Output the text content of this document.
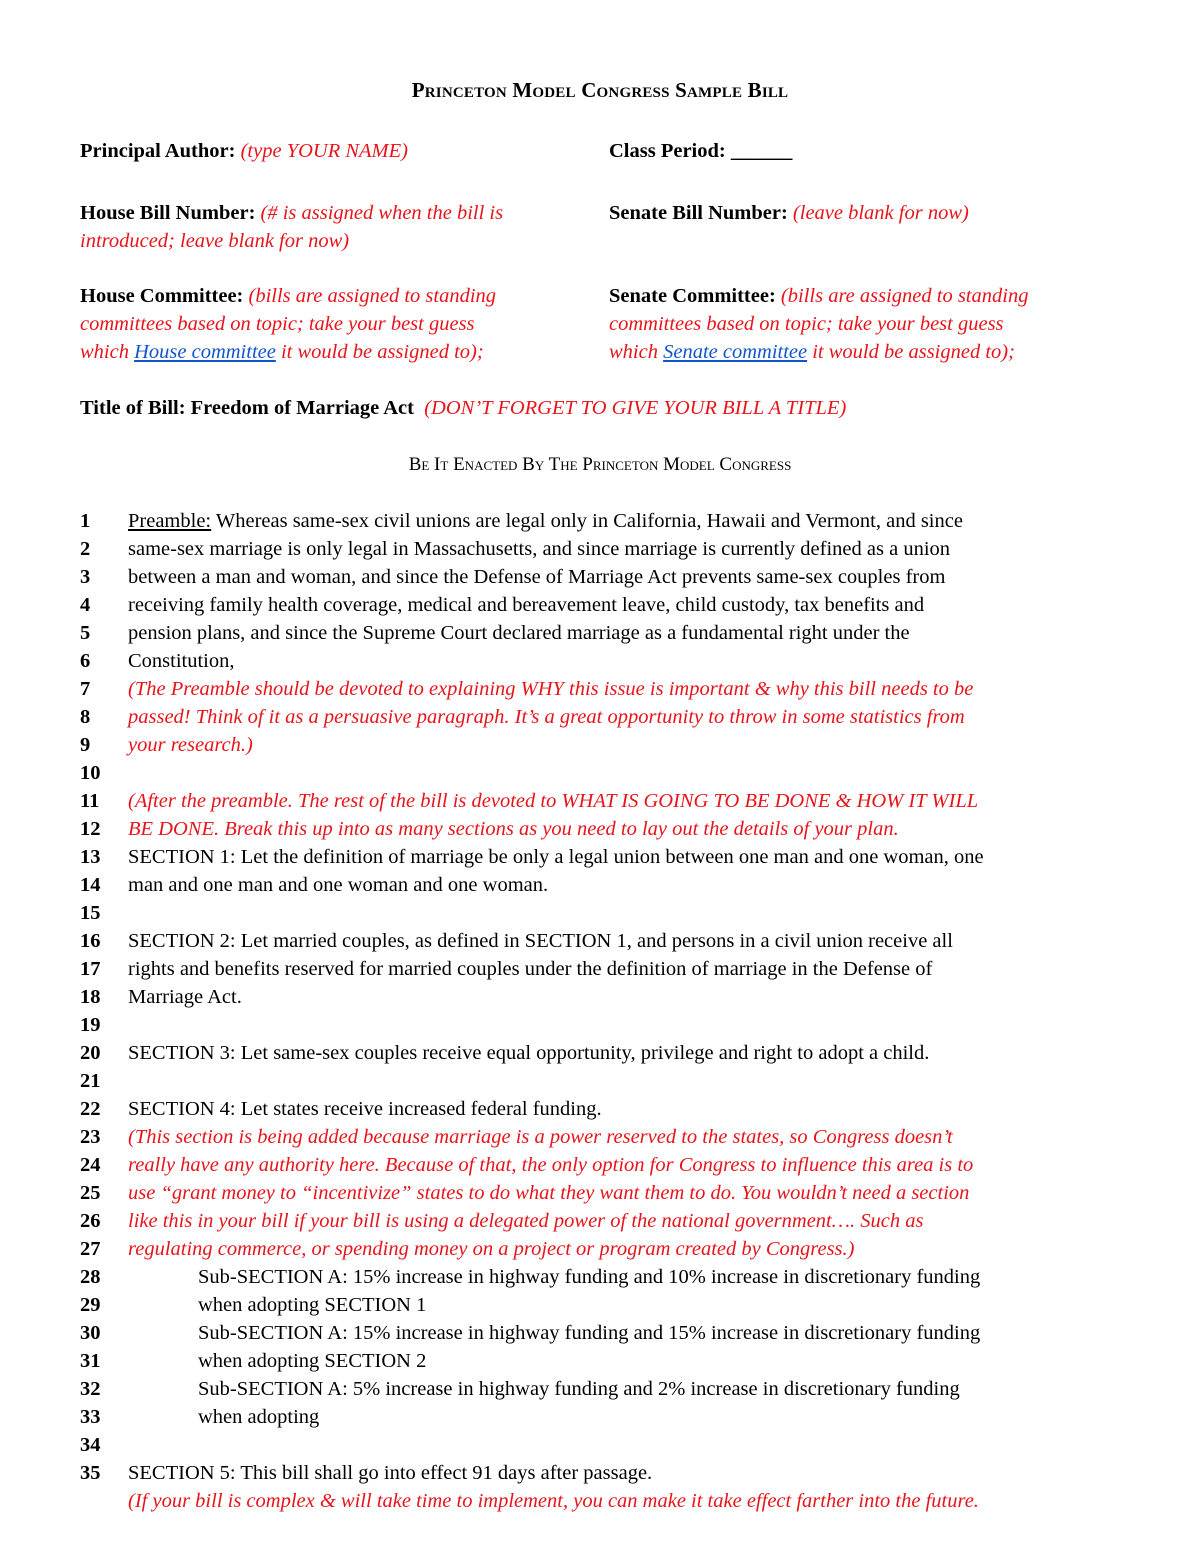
Princeton Model Congress Sample Bill
Principal Author: (type YOUR NAME)	Class Period: ______
House Bill Number: (# is assigned when the bill is
introduced; leave blank for now)
Senate Bill Number: (leave blank for now)
House Committee: (bills are assigned to standing
committees based on topic; take your best guess
which House committee it would be assigned to);
Senate Committee: (bills are assigned to standing
committees based on topic; take your best guess
which Senate committee it would be assigned to);
Title of Bill: Freedom of Marriage Act (DON’T FORGET TO GIVE YOUR BILL A TITLE)
Be It Enacted By The Princeton Model Congress
1	Preamble: Whereas same-sex civil unions are legal only in California, Hawaii and Vermont, and since
2	same-sex marriage is only legal in Massachusetts, and since marriage is currently defined as a union
3	between a man and woman, and since the Defense of Marriage Act prevents same-sex couples from
4	receiving family health coverage, medical and bereavement leave, child custody, tax benefits and
5	pension plans, and since the Supreme Court declared marriage as a fundamental right under the
6	Constitution,
7	(The Preamble should be devoted to explaining WHY this issue is important & why this bill needs to be
8	passed! Think of it as a persuasive paragraph. It’s a great opportunity to throw in some statistics from
9	your research.)
10
11	(After the preamble. The rest of the bill is devoted to WHAT IS GOING TO BE DONE & HOW IT WILL
12	BE DONE. Break this up into as many sections as you need to lay out the details of your plan.
13	SECTION 1: Let the definition of marriage be only a legal union between one man and one woman, one
14	man and one man and one woman and one woman.
15
16	SECTION 2: Let married couples, as defined in SECTION 1, and persons in a civil union receive all
17	rights and benefits reserved for married couples under the definition of marriage in the Defense of
18	Marriage Act.
19
20	SECTION 3: Let same-sex couples receive equal opportunity, privilege and right to adopt a child.
21
22	SECTION 4: Let states receive increased federal funding.
23	(This section is being added because marriage is a power reserved to the states, so Congress doesn’t
24	really have any authority here. Because of that, the only option for Congress to influence this area is to
25	use “grant money to “incentivize” states to do what they want them to do. You wouldn’t need a section
26	like this in your bill if your bill is using a delegated power of the national government…. Such as
27	regulating commerce, or spending money on a project or program created by Congress.)
28	Sub-SECTION A: 15% increase in highway funding and 10% increase in discretionary funding
29	when adopting SECTION 1
30	Sub-SECTION A: 15% increase in highway funding and 15% increase in discretionary funding
31	when adopting SECTION 2
32	Sub-SECTION A: 5% increase in highway funding and 2% increase in discretionary funding
33	when adopting
34
35	SECTION 5: This bill shall go into effect 91 days after passage.
(If your bill is complex & will take time to implement, you can make it take effect farther into the future.
